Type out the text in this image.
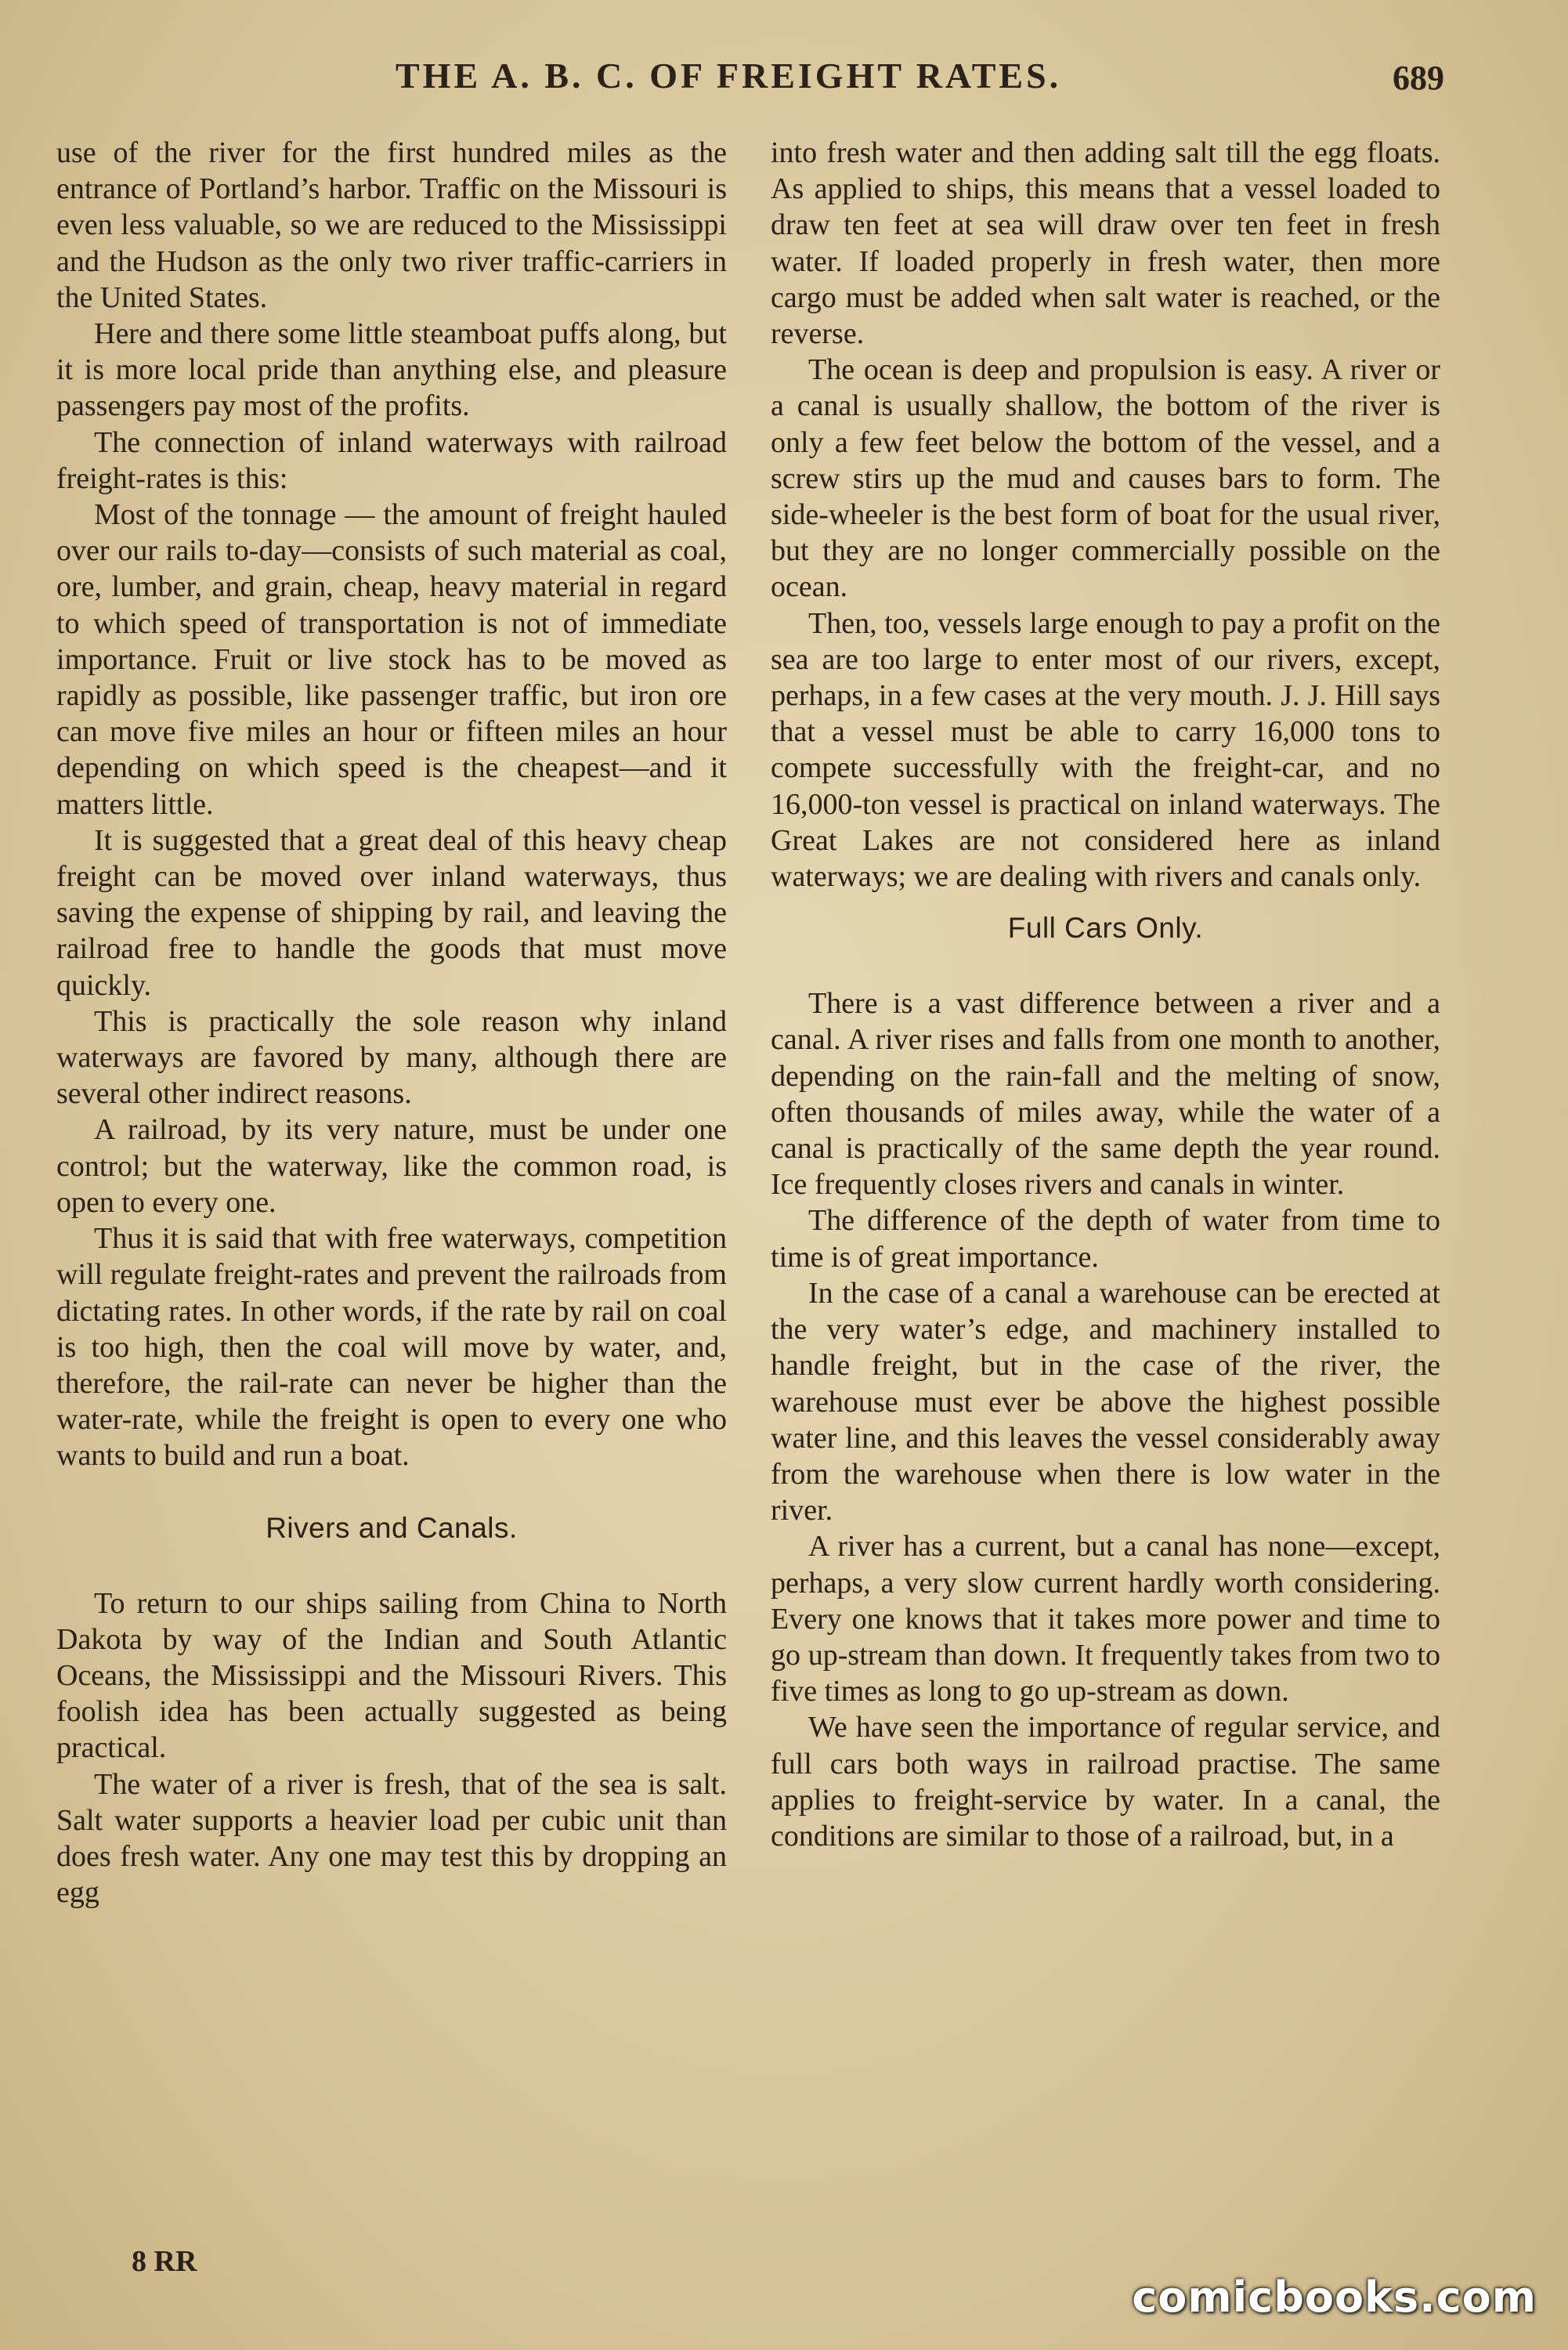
THE A. B. C. OF FREIGHT RATES.	689

use of the river for the first hundred miles as the entrance of Portland’s harbor. Traffic on the Missouri is even less valuable, so we are reduced to the Mississippi and the Hudson as the only two river traffic-carriers in the United States.

Here and there some little steamboat puffs along, but it is more local pride than anything else, and pleasure passengers pay most of the profits.

The connection of inland waterways with railroad freight-rates is this:

Most of the tonnage — the amount of freight hauled over our rails to-day—consists of such material as coal, ore, lumber, and grain, cheap, heavy material in regard to which speed of transportation is not of immediate importance. Fruit or live stock has to be moved as rapidly as possible, like passenger traffic, but iron ore can move five miles an hour or fifteen miles an hour depending on which speed is the cheapest—and it matters little.

It is suggested that a great deal of this heavy cheap freight can be moved over inland waterways, thus saving the expense of shipping by rail, and leaving the railroad free to handle the goods that must move quickly.

This is practically the sole reason why inland waterways are favored by many, although there are several other indirect reasons.

A railroad, by its very nature, must be under one control; but the waterway, like the common road, is open to every one.

Thus it is said that with free waterways, competition will regulate freight-rates and prevent the railroads from dictating rates. In other words, if the rate by rail on coal is too high, then the coal will move by water, and, therefore, the rail-rate can never be higher than the water-rate, while the freight is open to every one who wants to build and run a boat.

Rivers and Canals.

To return to our ships sailing from China to North Dakota by way of the Indian and South Atlantic Oceans, the Mississippi and the Missouri Rivers. This foolish idea has been actually suggested as being practical.

The water of a river is fresh, that of the sea is salt. Salt water supports a heavier load per cubic unit than does fresh water. Any one may test this by dropping an egg

into fresh water and then adding salt till the egg floats. As applied to ships, this means that a vessel loaded to draw ten feet at sea will draw over ten feet in fresh water. If loaded properly in fresh water, then more cargo must be added when salt water is reached, or the reverse.

The ocean is deep and propulsion is easy. A river or a canal is usually shallow, the bottom of the river is only a few feet below the bottom of the vessel, and a screw stirs up the mud and causes bars to form. The side-wheeler is the best form of boat for the usual river, but they are no longer commercially possible on the ocean.

Then, too, vessels large enough to pay a profit on the sea are too large to enter most of our rivers, except, perhaps, in a few cases at the very mouth. J. J. Hill says that a vessel must be able to carry 16,000 tons to compete successfully with the freight-car, and no 16,000-ton vessel is practical on inland waterways. The Great Lakes are not considered here as inland waterways; we are dealing with rivers and canals only.

Full Cars Only.

There is a vast difference between a river and a canal. A river rises and falls from one month to another, depending on the rain-fall and the melting of snow, often thousands of miles away, while the water of a canal is practically of the same depth the year round. Ice frequently closes rivers and canals in winter.

The difference of the depth of water from time to time is of great importance.

In the case of a canal a warehouse can be erected at the very water’s edge, and machinery installed to handle freight, but in the case of the river, the warehouse must ever be above the highest possible water line, and this leaves the vessel considerably away from the warehouse when there is low water in the river.

A river has a current, but a canal has none—except, perhaps, a very slow current hardly worth considering. Every one knows that it takes more power and time to go up-stream than down. It frequently takes from two to five times as long to go up-stream as down.

We have seen the importance of regular service, and full cars both ways in railroad practise. The same applies to freight-service by water. In a canal, the conditions are similar to those of a railroad, but, in a

8 RR
comicbooks.com
